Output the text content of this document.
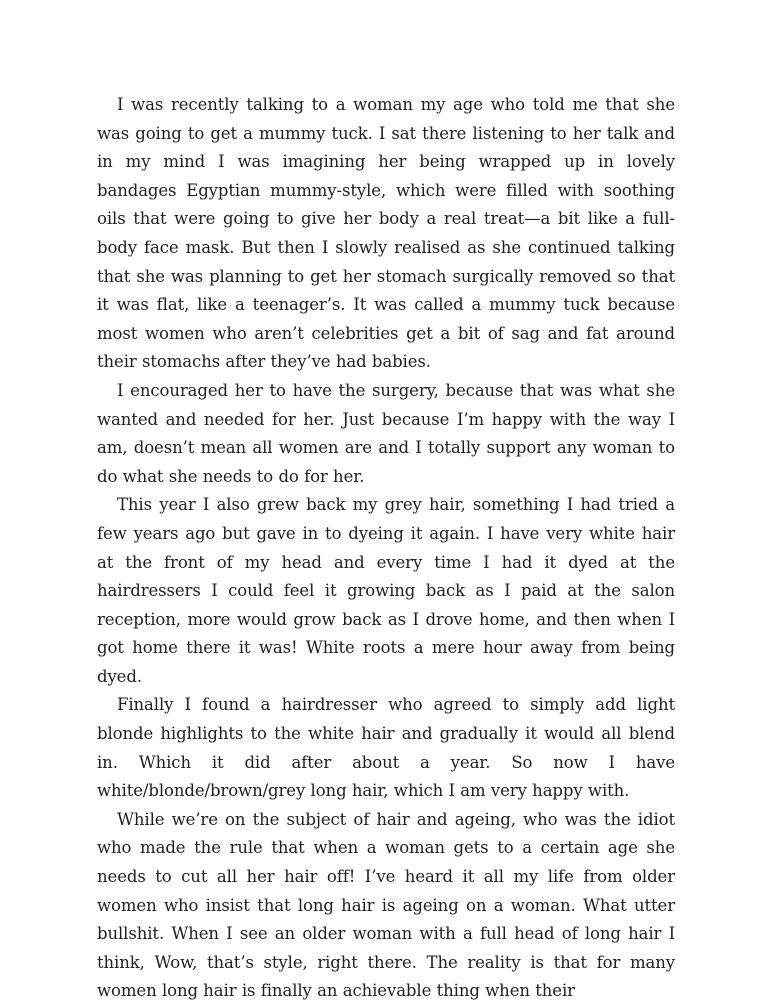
I was recently talking to a woman my age who told me that she was going to get a mummy tuck. I sat there listening to her talk and in my mind I was imagining her being wrapped up in lovely bandages Egyptian mummy-style, which were filled with soothing oils that were going to give her body a real treat—a bit like a full-body face mask. But then I slowly realised as she continued talking that she was planning to get her stomach surgically removed so that it was flat, like a teenager’s. It was called a mummy tuck because most women who aren’t celebrities get a bit of sag and fat around their stomachs after they’ve had babies.

I encouraged her to have the surgery, because that was what she wanted and needed for her. Just because I’m happy with the way I am, doesn’t mean all women are and I totally support any woman to do what she needs to do for her.

This year I also grew back my grey hair, something I had tried a few years ago but gave in to dyeing it again. I have very white hair at the front of my head and every time I had it dyed at the hairdressers I could feel it growing back as I paid at the salon reception, more would grow back as I drove home, and then when I got home there it was! White roots a mere hour away from being dyed.

Finally I found a hairdresser who agreed to simply add light blonde highlights to the white hair and gradually it would all blend in. Which it did after about a year. So now I have white/blonde/brown/grey long hair, which I am very happy with.

While we’re on the subject of hair and ageing, who was the idiot who made the rule that when a woman gets to a certain age she needs to cut all her hair off! I’ve heard it all my life from older women who insist that long hair is ageing on a woman. What utter bullshit. When I see an older woman with a full head of long hair I think, Wow, that’s style, right there. The reality is that for many women long hair is finally an achievable thing when their
